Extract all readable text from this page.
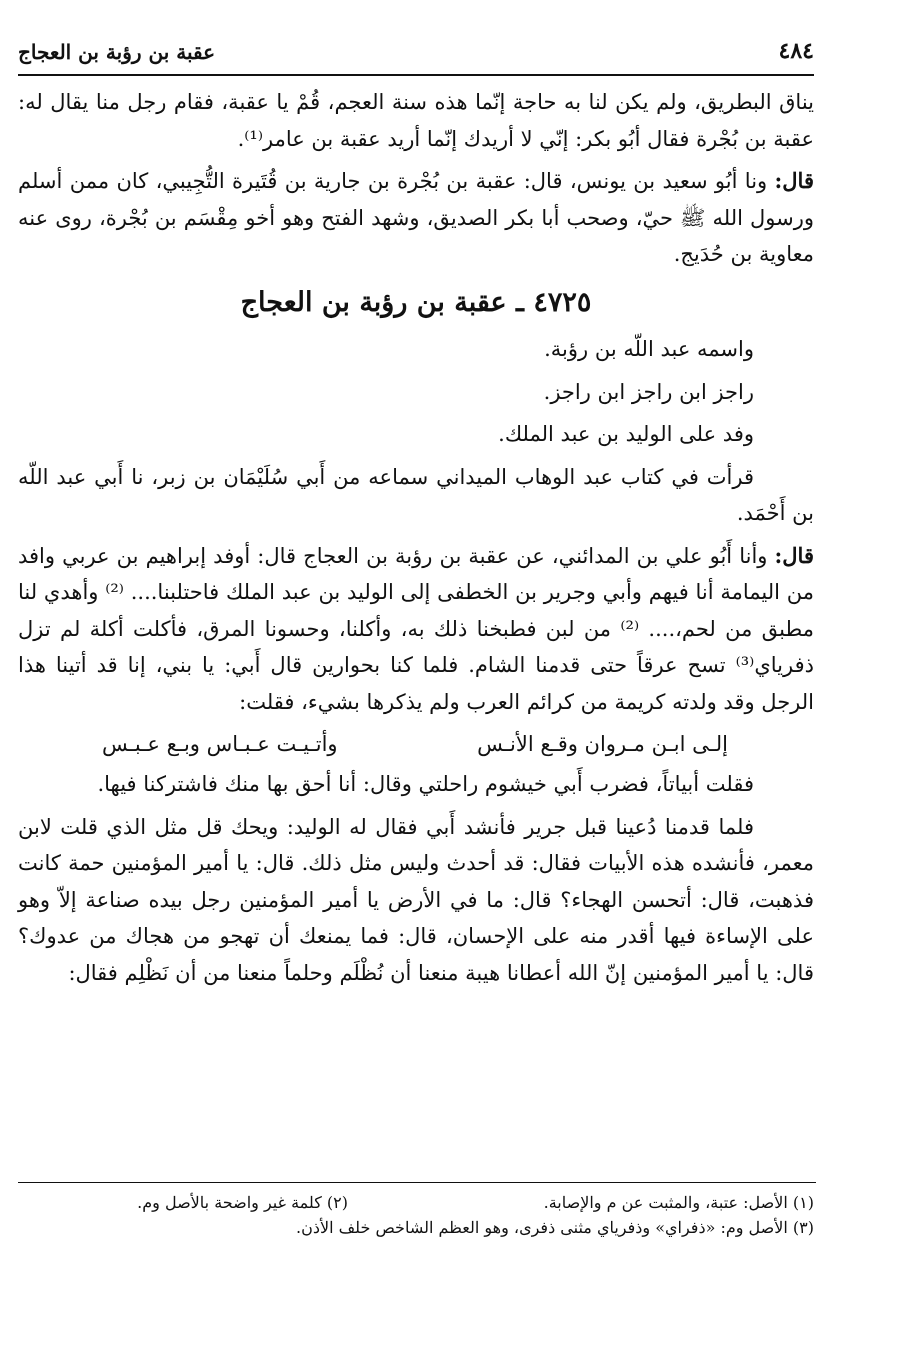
٤٨٤
عقبة بن رؤبة بن العجاج

يناق البطريق، ولم يكن لنا به حاجة إنّما هذه سنة العجم، قُمْ يا عقبة، فقام رجل منا يقال له: عقبة بن بُجْرة فقال أبُو بكر: إنّي لا أريدك إنّما أريد عقبة بن عامر⁽¹⁾.

قال: ونا أبُو سعيد بن يونس، قال: عقبة بن بُجْرة بن جارية بن قُتَيرة التُّجِيبي، كان ممن أسلم ورسول الله ﷺ حيّ، وصحب أبا بكر الصديق، وشهد الفتح وهو أخو مِقْسَم بن بُجْرة، روى عنه معاوية بن حُدَيج.

٤٧٢٥ ـ عقبة بن رؤبة بن العجاج

واسمه عبد اللّه بن رؤبة.

راجز ابن راجز ابن راجز.

وفد على الوليد بن عبد الملك.

قرأت في كتاب عبد الوهاب الميداني سماعه من أَبي سُلَيْمَان بن زبر، نا أَبي عبد اللّه بن أَحْمَد.

قال: وأنا أَبُو علي بن المدائني، عن عقبة بن رؤبة بن العجاج قال: أوفد إبراهيم بن عربي وافد من اليمامة أنا فيهم وأبي وجرير بن الخطفى إلى الوليد بن عبد الملك فاحتلبنا.... ⁽²⁾ وأهدي لنا مطبق من لحم،.... ⁽²⁾ من لبن فطبخنا ذلك به، وأكلنا، وحسونا المرق، فأكلت أكلة لم تزل ذفرياي⁽³⁾ تسح عرقاً حتى قدمنا الشام. فلما كنا بحوارين قال أَبي: يا بني، إنا قد أتينا هذا الرجل وقد ولدته كريمة من كرائم العرب ولم يذكرها بشيء، فقلت:

إلـى ابـن مـروان وقـع الأنـس
وأتـيـت عـبـاس وبـع عـبـس

فقلت أبياتاً، فضرب أَبي خيشوم راحلتي وقال: أنا أحق بها منك فاشتركنا فيها.

فلما قدمنا دُعينا قبل جرير فأنشد أَبي فقال له الوليد: ويحك قل مثل الذي قلت لابن معمر، فأنشده هذه الأبيات فقال: قد أحدث وليس مثل ذلك. قال: يا أمير المؤمنين حمة كانت فذهبت، قال: أتحسن الهجاء؟ قال: ما في الأرض يا أمير المؤمنين رجل بيده صناعة إلاّ وهو على الإساءة فيها أقدر منه على الإحسان، قال: فما يمنعك أن تهجو من هجاك من عدوك؟ قال: يا أمير المؤمنين إنّ الله أعطانا هيبة منعنا أن نُظْلَم وحلماً منعنا من أن نَظْلِم فقال:

(١) الأصل: عتبة، والمثبت عن م والإصابة.
(٢) كلمة غير واضحة بالأصل وم.
(٣) الأصل وم: «ذفراي» وذفرياي مثنى ذفرى، وهو العظم الشاخص خلف الأذن.
